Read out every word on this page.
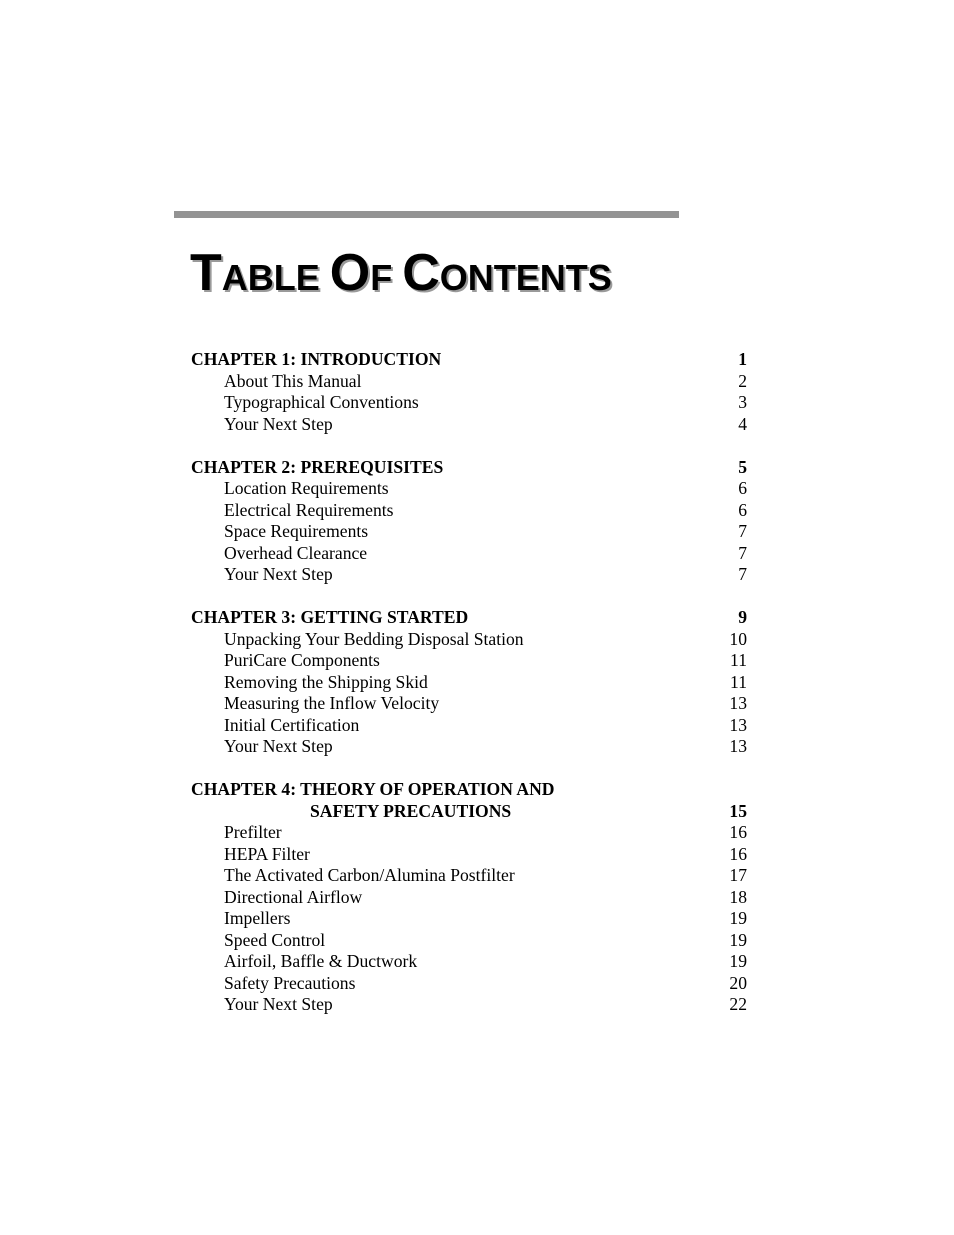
TABLE OF CONTENTS
CHAPTER 1: INTRODUCTION	1
About This Manual	2
Typographical Conventions	3
Your Next Step	4
CHAPTER 2: PREREQUISITES	5
Location Requirements	6
Electrical Requirements	6
Space Requirements	7
Overhead Clearance	7
Your Next Step	7
CHAPTER 3: GETTING STARTED	9
Unpacking Your Bedding Disposal Station	10
PuriCare Components	11
Removing the Shipping Skid	11
Measuring the Inflow Velocity	13
Initial Certification	13
Your Next Step	13
CHAPTER 4: THEORY OF OPERATION AND
SAFETY PRECAUTIONS	15
Prefilter	16
HEPA Filter	16
The Activated Carbon/Alumina Postfilter	17
Directional Airflow	18
Impellers	19
Speed Control	19
Airfoil, Baffle & Ductwork	19
Safety Precautions	20
Your Next Step	22
